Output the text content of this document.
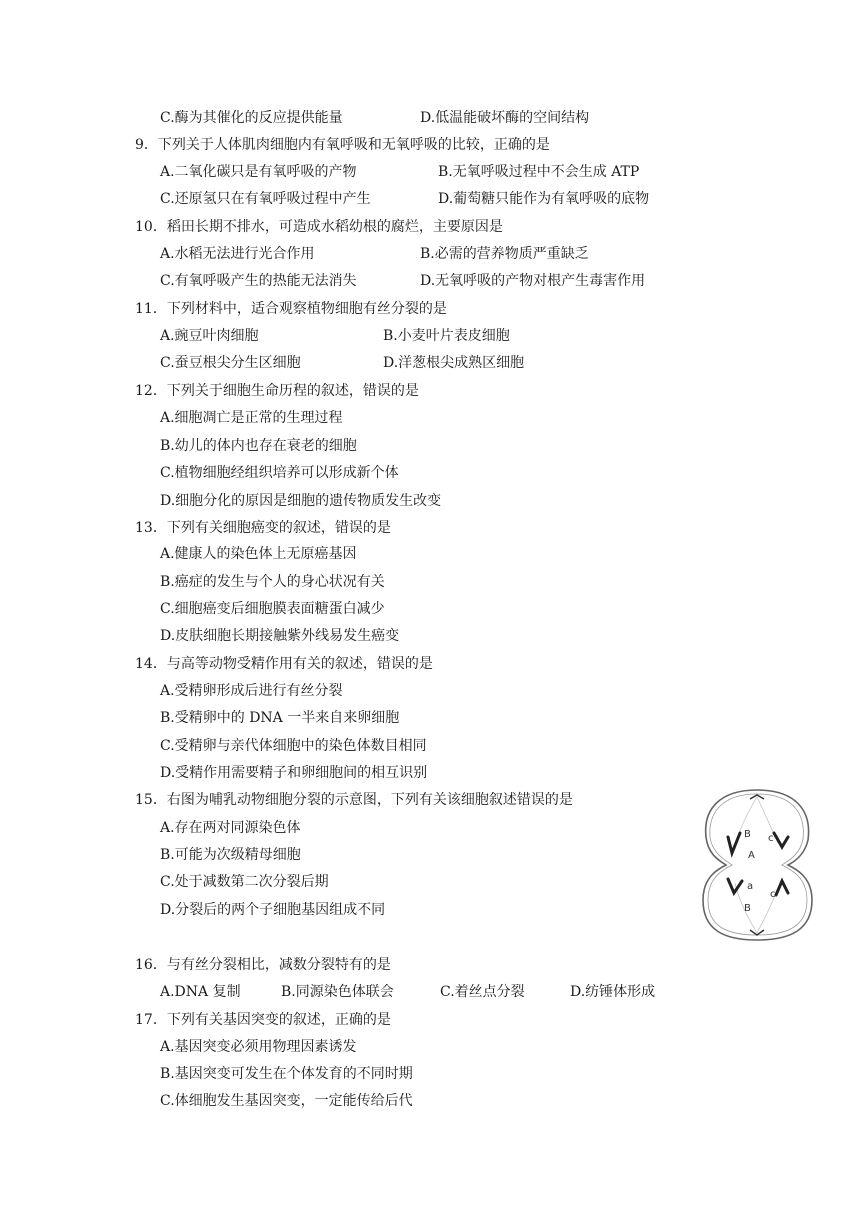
C.酶为其催化的反应提供能量	D.低温能破坏酶的空间结构
9．下列关于人体肌肉细胞内有氧呼吸和无氧呼吸的比较，正确的是
A.二氧化碳只是有氧呼吸的产物	B.无氧呼吸过程中不会生成 ATP
C.还原氢只在有氧呼吸过程中产生	D.葡萄糖只能作为有氧呼吸的底物
10．稻田长期不排水，可造成水稻幼根的腐烂，主要原因是
A.水稻无法进行光合作用	B.必需的营养物质严重缺乏
C.有氧呼吸产生的热能无法消失	D.无氧呼吸的产物对根产生毒害作用
11．下列材料中，适合观察植物细胞有丝分裂的是
A.豌豆叶肉细胞	B.小麦叶片表皮细胞
C.蚕豆根尖分生区细胞	D.洋葱根尖成熟区细胞
12．下列关于细胞生命历程的叙述，错误的是
A.细胞凋亡是正常的生理过程
B.幼儿的体内也存在衰老的细胞
C.植物细胞经组织培养可以形成新个体
D.细胞分化的原因是细胞的遗传物质发生改变
13．下列有关细胞癌变的叙述，错误的是
A.健康人的染色体上无原癌基因
B.癌症的发生与个人的身心状况有关
C.细胞癌变后细胞膜表面糖蛋白减少
D.皮肤细胞长期接触紫外线易发生癌变
14．与高等动物受精作用有关的叙述，错误的是
A.受精卵形成后进行有丝分裂
B.受精卵中的 DNA 一半来自来卵细胞
C.受精卵与亲代体细胞中的染色体数目相同
D.受精作用需要精子和卵细胞间的相互识别
15．右图为哺乳动物细胞分裂的示意图，下列有关该细胞叙述错误的是
A.存在两对同源染色体
B.可能为次级精母细胞
C.处于减数第二次分裂后期
D.分裂后的两个子细胞基因组成不同
B
A
c
a
B
c
16．与有丝分裂相比，减数分裂特有的是
A.DNA 复制	B.同源染色体联会	C.着丝点分裂	D.纺锤体形成
17．下列有关基因突变的叙述，正确的是
A.基因突变必须用物理因素诱发
B.基因突变可发生在个体发育的不同时期
C.体细胞发生基因突变，一定能传给后代
